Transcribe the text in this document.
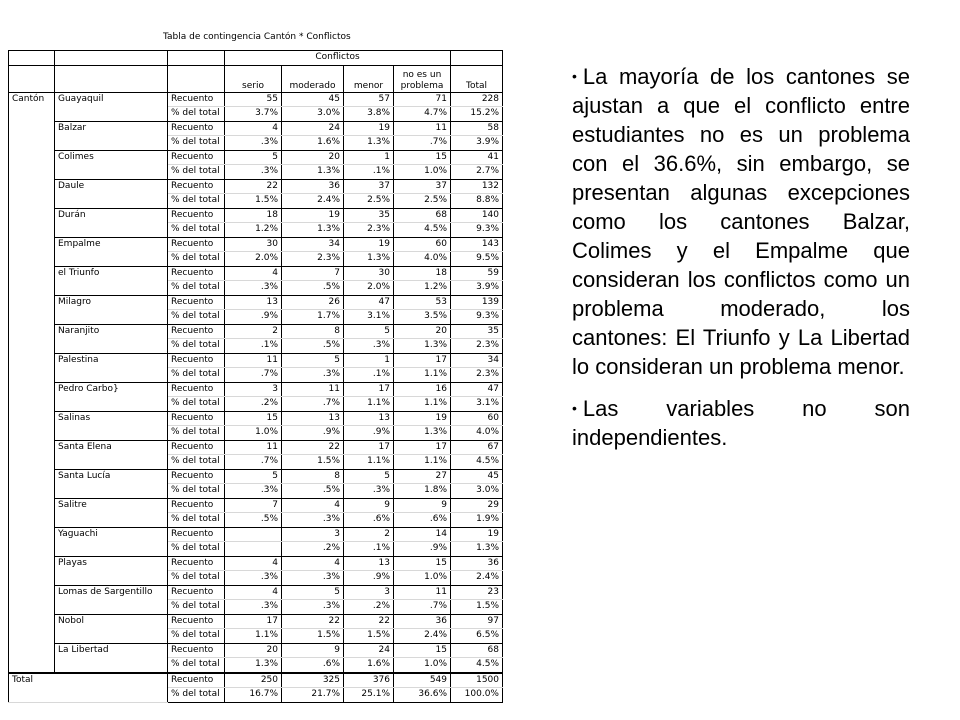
Tabla de contingencia Cantón * Conflictos
			Conflictos				
			serio	moderado	menor	no es un problema	Total
Cantón	Guayaquil	Recuento	55	45	57	71	228
		% del total	3.7%	3.0%	3.8%	4.7%	15.2%
	Balzar	Recuento	4	24	19	11	58
		% del total	.3%	1.6%	1.3%	.7%	3.9%
	Colimes	Recuento	5	20	1	15	41
		% del total	.3%	1.3%	.1%	1.0%	2.7%
	Daule	Recuento	22	36	37	37	132
		% del total	1.5%	2.4%	2.5%	2.5%	8.8%
	Durán	Recuento	18	19	35	68	140
		% del total	1.2%	1.3%	2.3%	4.5%	9.3%
	Empalme	Recuento	30	34	19	60	143
		% del total	2.0%	2.3%	1.3%	4.0%	9.5%
	el Triunfo	Recuento	4	7	30	18	59
		% del total	.3%	.5%	2.0%	1.2%	3.9%
	Milagro	Recuento	13	26	47	53	139
		% del total	.9%	1.7%	3.1%	3.5%	9.3%
	Naranjito	Recuento	2	8	5	20	35
		% del total	.1%	.5%	.3%	1.3%	2.3%
	Palestina	Recuento	11	5	1	17	34
		% del total	.7%	.3%	.1%	1.1%	2.3%
	Pedro Carbo}	Recuento	3	11	17	16	47
		% del total	.2%	.7%	1.1%	1.1%	3.1%
	Salinas	Recuento	15	13	13	19	60
		% del total	1.0%	.9%	.9%	1.3%	4.0%
	Santa Elena	Recuento	11	22	17	17	67
		% del total	.7%	1.5%	1.1%	1.1%	4.5%
	Santa Lucía	Recuento	5	8	5	27	45
		% del total	.3%	.5%	.3%	1.8%	3.0%
	Salitre	Recuento	7	4	9	9	29
		% del total	.5%	.3%	.6%	.6%	1.9%
	Yaguachi	Recuento		3	2	14	19
		% del total		.2%	.1%	.9%	1.3%
	Playas	Recuento	4	4	13	15	36
		% del total	.3%	.3%	.9%	1.0%	2.4%
	Lomas de Sargentillo	Recuento	4	5	3	11	23
		% del total	.3%	.3%	.2%	.7%	1.5%
	Nobol	Recuento	17	22	22	36	97
		% del total	1.1%	1.5%	1.5%	2.4%	6.5%
	La Libertad	Recuento	20	9	24	15	68
		% del total	1.3%	.6%	1.6%	1.0%	4.5%
Total		Recuento	250	325	376	549	1500
		% del total	16.7%	21.7%	25.1%	36.6%	100.0%
• La mayoría de los cantones se ajustan a que el conflicto entre estudiantes no es un problema con el 36.6%, sin embargo, se presentan algunas excepciones como los cantones Balzar, Colimes y el Empalme que consideran los conflictos como un problema moderado, los cantones: El Triunfo y La Libertad lo consideran un problema menor.
• Las variables no son independientes.
